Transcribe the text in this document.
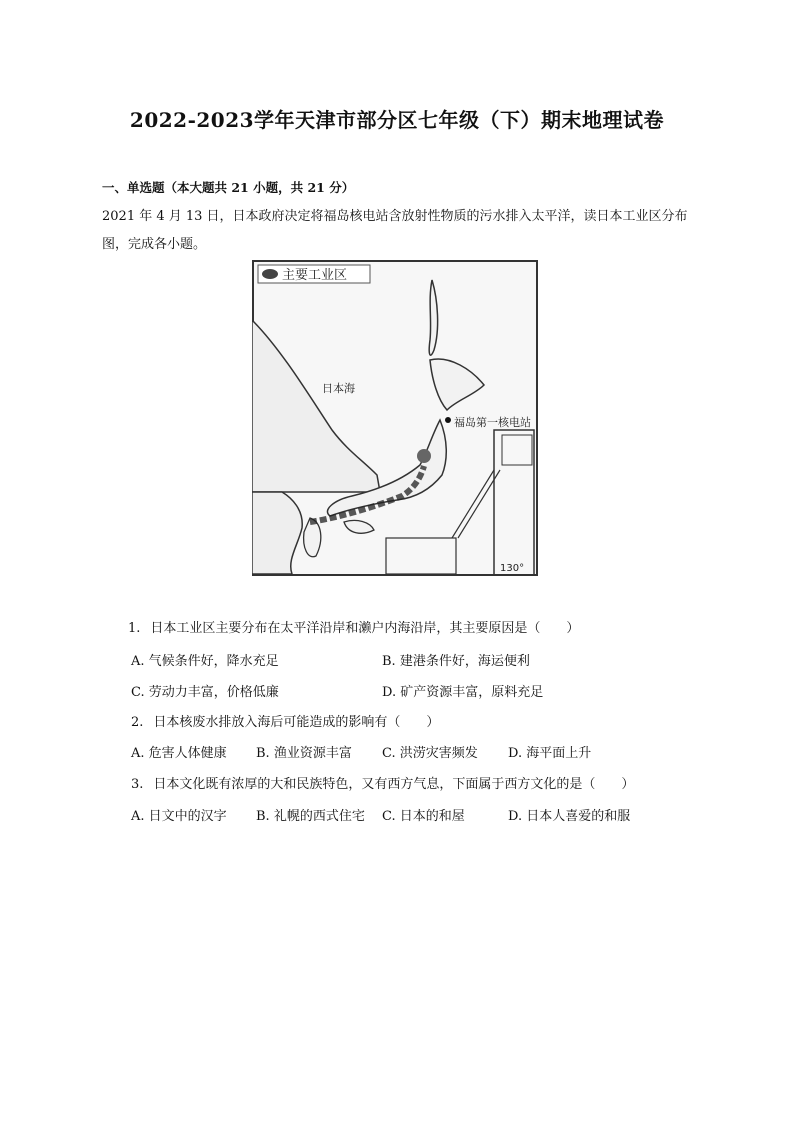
2022-2023学年天津市部分区七年级（下）期末地理试卷
一、单选题（本大题共 21 小题，共 21 分）
2021 年 4 月 13 日，日本政府决定将福岛核电站含放射性物质的污水排入太平洋，读日本工业区分布图，完成各小题。
主要工业区
日本海
福岛第一核电站
130°
1. 日本工业区主要分布在太平洋沿岸和濑户内海沿岸，其主要原因是（　　）
A. 气候条件好，降水充足	B. 建港条件好，海运便利
C. 劳动力丰富，价格低廉	D. 矿产资源丰富，原料充足
2. 日本核废水排放入海后可能造成的影响有（　　）
A. 危害人体健康 B. 渔业资源丰富 C. 洪涝灾害频发 D. 海平面上升
3. 日本文化既有浓厚的大和民族特色，又有西方气息，下面属于西方文化的是（　　）
A. 日文中的汉字 B. 礼幌的西式住宅 C. 日本的和屋	D. 日本人喜爱的和服
